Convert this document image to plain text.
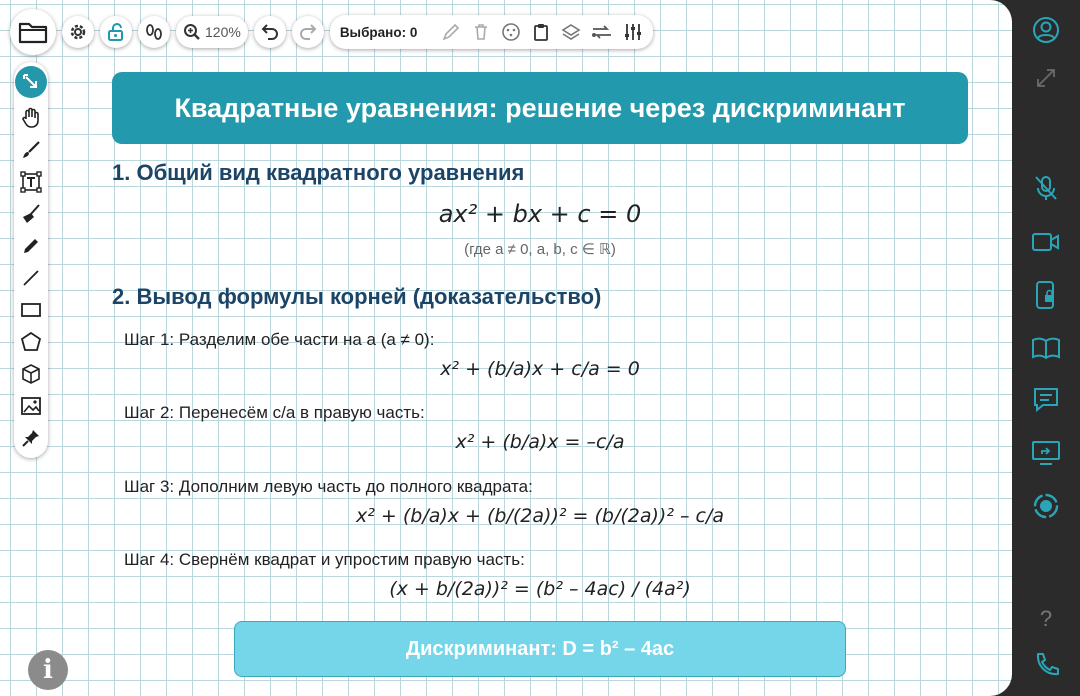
120%	Выбрано: 0
Квадратные уравнения: решение через дискриминант
1. Общий вид квадратного уравнения
ax² + bx + c = 0
(где a ≠ 0, a, b, c ∈ ℝ)
2. Вывод формулы корней (доказательство)
Шаг 1: Разделим обе части на a (a ≠ 0):
x² + (b/a)x + c/a = 0
Шаг 2: Перенесём c/a в правую часть:
x² + (b/a)x = –c/a
Шаг 3: Дополним левую часть до полного квадрата:
x² + (b/a)x + (b/(2a))² = (b/(2a))² – c/a
Шаг 4: Свернём квадрат и упростим правую часть:
(x + b/(2a))² = (b² – 4ac) / (4a²)
Дискриминант: D = b² – 4ac
i
?
